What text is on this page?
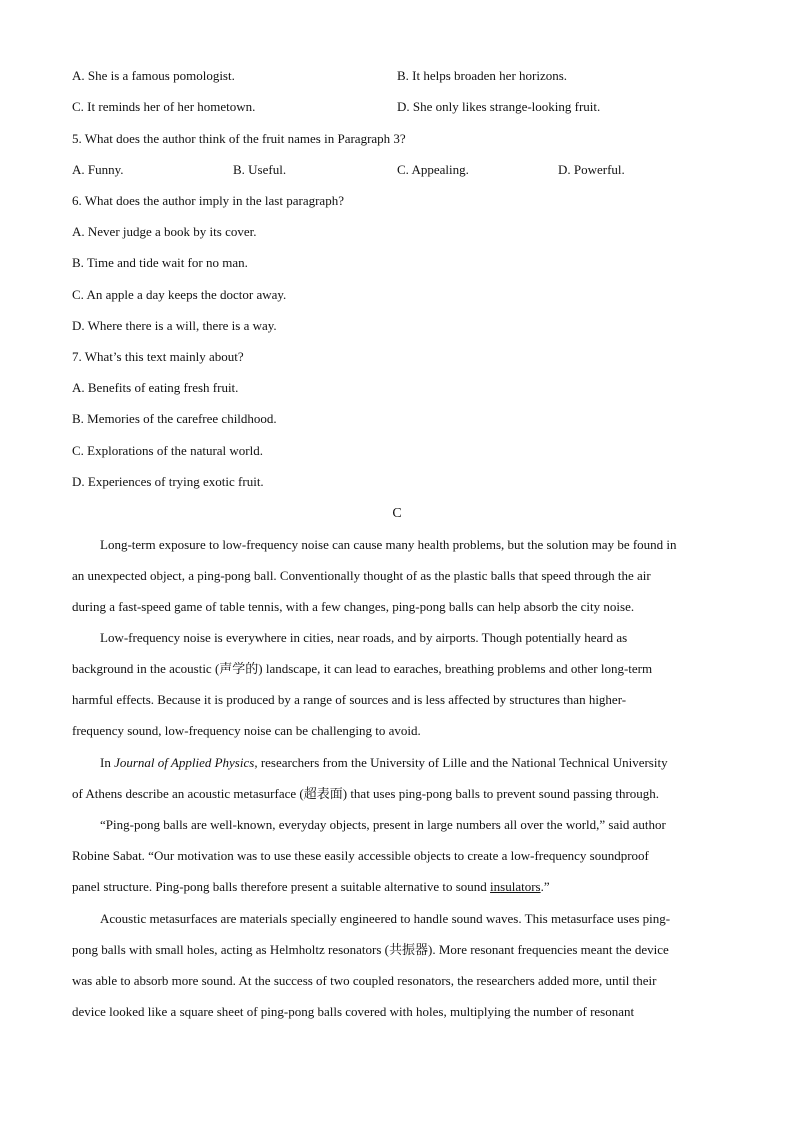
A. She is a famous pomologist.	B. It helps broaden her horizons.
C. It reminds her of her hometown.	D. She only likes strange-looking fruit.
5. What does the author think of the fruit names in Paragraph 3?
A. Funny.	B. Useful.	C. Appealing.	D. Powerful.
6. What does the author imply in the last paragraph?
A. Never judge a book by its cover.
B. Time and tide wait for no man.
C. An apple a day keeps the doctor away.
D. Where there is a will, there is a way.
7. What’s this text mainly about?
A. Benefits of eating fresh fruit.
B. Memories of the carefree childhood.
C. Explorations of the natural world.
D. Experiences of trying exotic fruit.
C
Long-term exposure to low-frequency noise can cause many health problems, but the solution may be found in
an unexpected object, a ping-pong ball. Conventionally thought of as the plastic balls that speed through the air
during a fast-speed game of table tennis, with a few changes, ping-pong balls can help absorb the city noise.
Low-frequency noise is everywhere in cities, near roads, and by airports. Though potentially heard as
background in the acoustic (声学的) landscape, it can lead to earaches, breathing problems and other long-term
harmful effects. Because it is produced by a range of sources and is less affected by structures than higher-
frequency sound, low-frequency noise can be challenging to avoid.
In Journal of Applied Physics, researchers from the University of Lille and the National Technical University
of Athens describe an acoustic metasurface (超表面) that uses ping-pong balls to prevent sound passing through.
“Ping-pong balls are well-known, everyday objects, present in large numbers all over the world,” said author
Robine Sabat. “Our motivation was to use these easily accessible objects to create a low-frequency soundproof
panel structure. Ping-pong balls therefore present a suitable alternative to sound insulators.”
Acoustic metasurfaces are materials specially engineered to handle sound waves. This metasurface uses ping-
pong balls with small holes, acting as Helmholtz resonators (共振器). More resonant frequencies meant the device
was able to absorb more sound. At the success of two coupled resonators, the researchers added more, until their
device looked like a square sheet of ping-pong balls covered with holes, multiplying the number of resonant
